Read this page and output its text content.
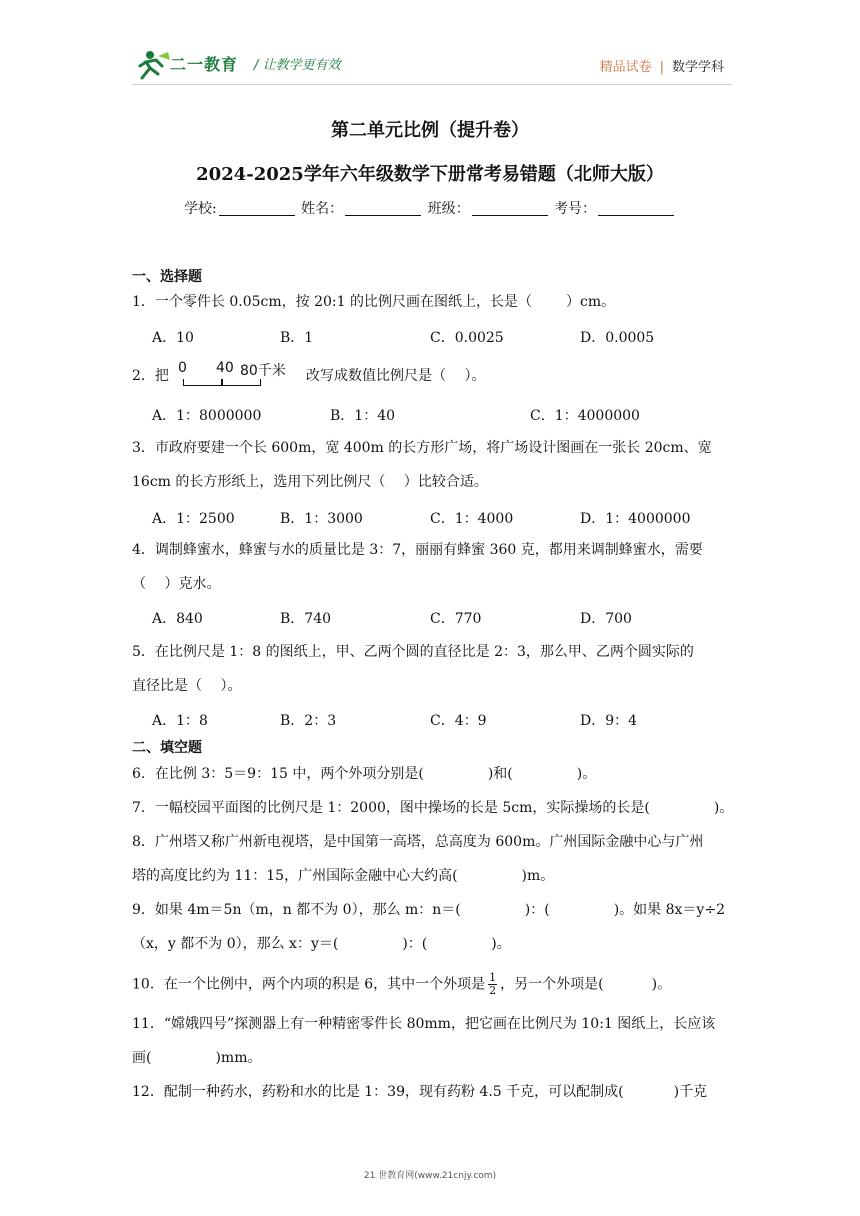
二一教育 / 让教学更有效	精品试卷 | 数学学科
第二单元比例（提升卷）
2024-2025学年六年级数学下册常考易错题（北师大版）
学校:	姓名：	班级：	考号：
一、选择题
1．一个零件长 0.05cm，按 20:1 的比例尺画在图纸上，长是（ ）cm。
A．10	B．1	C．0.0025	D．0.0005
2．把 0 40 80千米 改写成数值比例尺是（　 ）。
A．1：8000000	B．1：40	C．1：4000000
3．市政府要建一个长 600m，宽 400m 的长方形广场，将广场设计图画在一张长 20cm、宽
16cm 的长方形纸上，选用下列比例尺（　 ）比较合适。
A．1：2500	B．1：3000	C．1：4000	D．1：4000000
4．调制蜂蜜水，蜂蜜与水的质量比是 3：7，丽丽有蜂蜜 360 克，都用来调制蜂蜜水，需要
（　 ）克水。
A．840	B．740	C．770	D．700
5．在比例尺是 1：8 的图纸上，甲、乙两个圆的直径比是 2：3，那么甲、乙两个圆实际的
直径比是（　 ）。
A．1：8	B．2：3	C．4：9	D．9：4
二、填空题
6．在比例 3：5＝9：15 中，两个外项分别是(	)和(	)。
7．一幅校园平面图的比例尺是 1：2000，图中操场的长是 5cm，实际操场的长是(	)。
8．广州塔又称广州新电视塔，是中国第一高塔，总高度为 600m。广州国际金融中心与广州
塔的高度比约为 11：15，广州国际金融中心大约高(	)m。
9．如果 4m＝5n（m，n 都不为 0），那么 m：n＝(	)：(	)。如果 8x＝y÷2
（x，y 都不为 0），那么 x：y＝(	)：(	)。
10．在一个比例中，两个内项的积是 6，其中一个外项是 $\frac{1}{2}$ ，另一个外项是(	)。
11．“嫦娥四号”探测器上有一种精密零件长 80mm，把它画在比例尺为 10:1 图纸上，长应该
画(	)mm。
12．配制一种药水，药粉和水的比是 1：39，现有药粉 4.5 千克，可以配制成(	)千克
21 世教育网(www.21cnjy.com)
